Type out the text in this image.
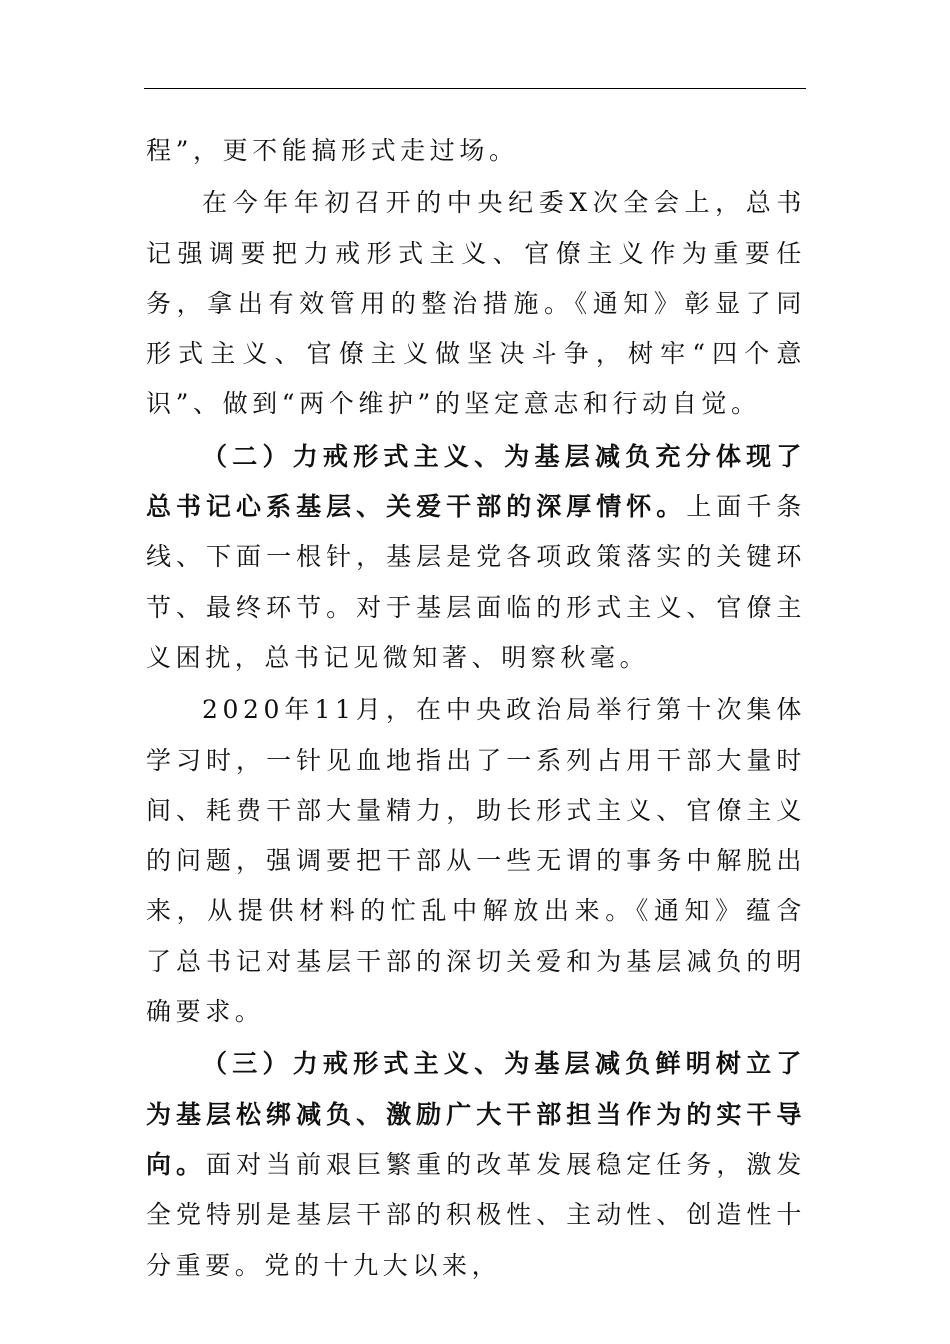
程”，更不能搞形式走过场。

在今年年初召开的中央纪委X次全会上，总书记强调要把力戒形式主义、官僚主义作为重要任务，拿出有效管用的整治措施。《通知》彰显了同形式主义、官僚主义做坚决斗争，树牢“四个意识”、做到“两个维护”的坚定意志和行动自觉。

（二）力戒形式主义、为基层减负充分体现了总书记心系基层、关爱干部的深厚情怀。上面千条线、下面一根针，基层是党各项政策落实的关键环节、最终环节。对于基层面临的形式主义、官僚主义困扰，总书记见微知著、明察秋毫。

2020年11月，在中央政治局举行第十次集体学习时，一针见血地指出了一系列占用干部大量时间、耗费干部大量精力，助长形式主义、官僚主义的问题，强调要把干部从一些无谓的事务中解脱出来，从提供材料的忙乱中解放出来。《通知》蕴含了总书记对基层干部的深切关爱和为基层减负的明确要求。

（三）力戒形式主义、为基层减负鲜明树立了为基层松绑减负、激励广大干部担当作为的实干导向。面对当前艰巨繁重的改革发展稳定任务，激发全党特别是基层干部的积极性、主动性、创造性十分重要。党的十九大以来，
